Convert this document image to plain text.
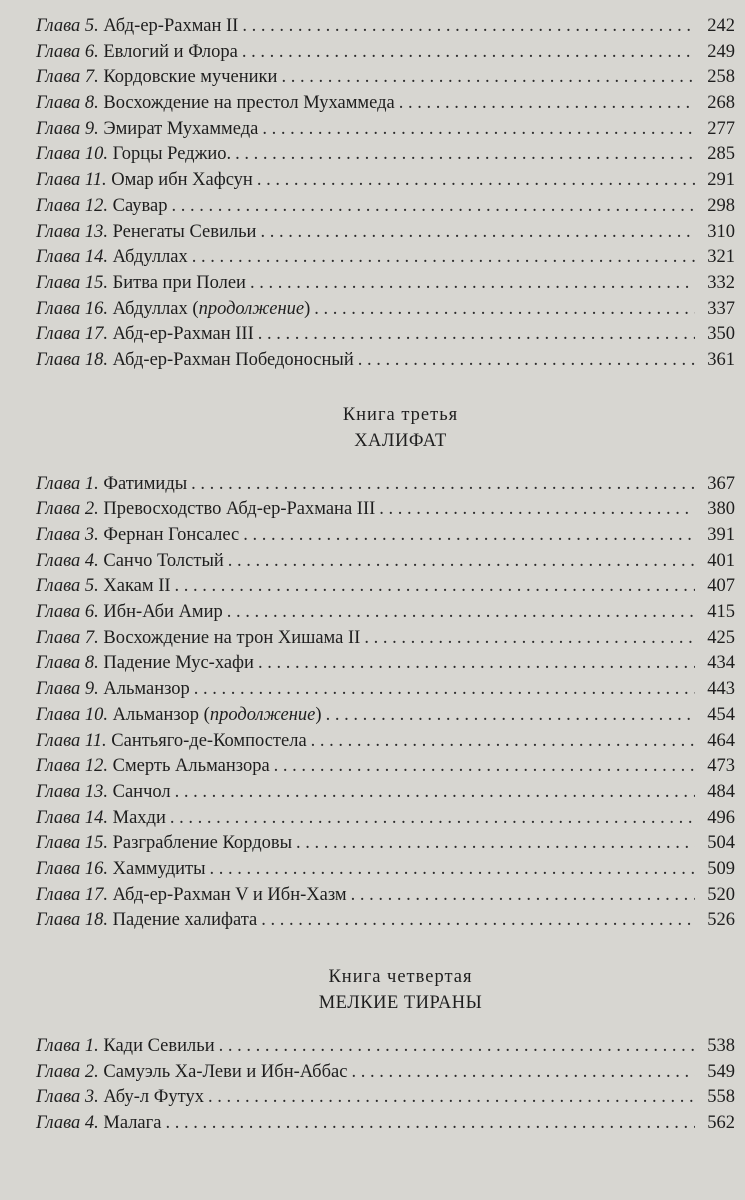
Глава 5. Абд-ер-Рахман II . . .	242
Глава 6. Евлогий и Флора . . .	249
Глава 7. Кордовские мученики . . .	258
Глава 8. Восхождение на престол Мухаммеда . . .	268
Глава 9. Эмират Мухаммеда . . .	277
Глава 10. Горцы Реджио. . . .	285
Глава 11. Омар ибн Хафсун . . .	291
Глава 12. Саувар . . .	298
Глава 13. Ренегаты Севильи . . .	310
Глава 14. Абдуллах . . .	321
Глава 15. Битва при Полеи . . .	332
Глава 16. Абдуллах (продолжение) . . .	337
Глава 17. Абд-ер-Рахман III . . .	350
Глава 18. Абд-ер-Рахман Победоносный . . .	361
Книга третья
ХАЛИФАТ
Глава 1. Фатимиды . . .	367
Глава 2. Превосходство Абд-ер-Рахмана III . . .	380
Глава 3. Фернан Гонсалес . . .	391
Глава 4. Санчо Толстый . . .	401
Глава 5. Хакам II . . .	407
Глава 6. Ибн-Аби Амир . . .	415
Глава 7. Восхождение на трон Хишама II . . .	425
Глава 8. Падение Мус-хафи . . .	434
Глава 9. Альманзор . . .	443
Глава 10. Альманзор (продолжение) . . .	454
Глава 11. Сантьяго-де-Компостела . . .	464
Глава 12. Смерть Альманзора . . .	473
Глава 13. Санчол . . .	484
Глава 14. Махди . . .	496
Глава 15. Разграбление Кордовы . . .	504
Глава 16. Хаммудиты . . .	509
Глава 17. Абд-ер-Рахман V и Ибн-Хазм . . .	520
Глава 18. Падение халифата . . .	526
Книга четвертая
МЕЛКИЕ ТИРАНЫ
Глава 1. Кади Севильи . . .	538
Глава 2. Самуэль Ха-Леви и Ибн-Аббас . . .	549
Глава 3. Абу-л Футух . . .	558
Глава 4. Малага . . .	562
